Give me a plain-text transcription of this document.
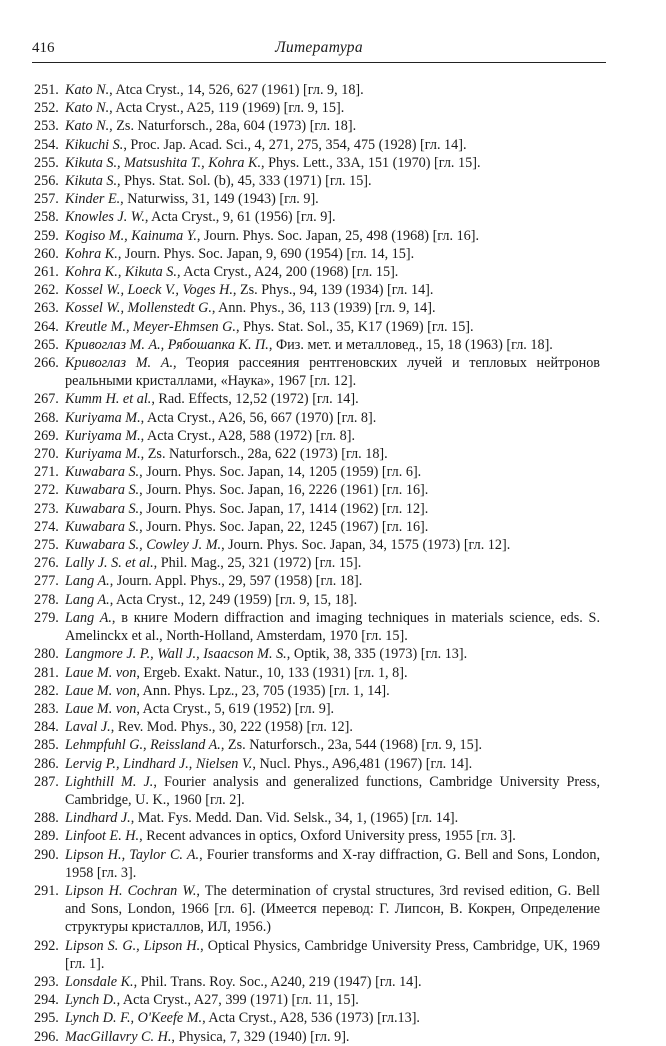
416	Литература
251. Kato N., Atca Cryst., 14, 526, 627 (1961) [гл. 9, 18].
252. Kato N., Acta Cryst., A25, 119 (1969) [гл. 9, 15].
253. Kato N., Zs. Naturforsch., 28a, 604 (1973) [гл. 18].
254. Kikuchi S., Proc. Jap. Acad. Sci., 4, 271, 275, 354, 475 (1928) [гл. 14].
255. Kikuta S., Matsushita T., Kohra K., Phys. Lett., 33A, 151 (1970) [гл. 15].
256. Kikuta S., Phys. Stat. Sol. (b), 45, 333 (1971) [гл. 15].
257. Kinder E., Naturwiss, 31, 149 (1943) [гл. 9].
258. Knowles J. W., Acta Cryst., 9, 61 (1956) [гл. 9].
259. Kogiso M., Kainuma Y., Journ. Phys. Soc. Japan, 25, 498 (1968) [гл. 16].
260. Kohra K., Journ. Phys. Soc. Japan, 9, 690 (1954) [гл. 14, 15].
261. Kohra K., Kikuta S., Acta Cryst., A24, 200 (1968) [гл. 15].
262. Kossel W., Loeck V., Voges H., Zs. Phys., 94, 139 (1934) [гл. 14].
263. Kossel W., Mollenstedt G., Ann. Phys., 36, 113 (1939) [гл. 9, 14].
264. Kreutle M., Meyer-Ehmsen G., Phys. Stat. Sol., 35, K17 (1969) [гл. 15].
265. Кривоглаз М. А., Рябошапка К. П., Физ. мет. и металловед., 15, 18 (1963) [гл. 18].
266. Кривоглаз М. А., Теория рассеяния рентгеновских лучей и тепловых нейтронов реальными кристаллами, «Наука», 1967 [гл. 12].
267. Kumm H. et al., Rad. Effects, 12,52 (1972) [гл. 14].
268. Kuriyama M., Acta Cryst., A26, 56, 667 (1970) [гл. 8].
269. Kuriyama M., Acta Cryst., A28, 588 (1972) [гл. 8].
270. Kuriyama M., Zs. Naturforsch., 28a, 622 (1973) [гл. 18].
271. Kuwabara S., Journ. Phys. Soc. Japan, 14, 1205 (1959) [гл. 6].
272. Kuwabara S., Journ. Phys. Soc. Japan, 16, 2226 (1961) [гл. 16].
273. Kuwabara S., Journ. Phys. Soc. Japan, 17, 1414 (1962) [гл. 12].
274. Kuwabara S., Journ. Phys. Soc. Japan, 22, 1245 (1967) [гл. 16].
275. Kuwabara S., Cowley J. M., Journ. Phys. Soc. Japan, 34, 1575 (1973) [гл. 12].
276. Lally J. S. et al., Phil. Mag., 25, 321 (1972) [гл. 15].
277. Lang A., Journ. Appl. Phys., 29, 597 (1958) [гл. 18].
278. Lang A., Acta Cryst., 12, 249 (1959) [гл. 9, 15, 18].
279. Lang A., в книге Modern diffraction and imaging techniques in materials science, eds. S. Amelinckx et al., North-Holland, Amsterdam, 1970 [гл. 15].
280. Langmore J. P., Wall J., Isaacson M. S., Optik, 38, 335 (1973) [гл. 13].
281. Laue M. von, Ergeb. Exakt. Natur., 10, 133 (1931) [гл. 1, 8].
282. Laue M. von, Ann. Phys. Lpz., 23, 705 (1935) [гл. 1, 14].
283. Laue M. von, Acta Cryst., 5, 619 (1952) [гл. 9].
284. Laval J., Rev. Mod. Phys., 30, 222 (1958) [гл. 12].
285. Lehmpfuhl G., Reissland A., Zs. Naturforsch., 23a, 544 (1968) [гл. 9, 15].
286. Lervig P., Lindhard J., Nielsen V., Nucl. Phys., A96,481 (1967) [гл. 14].
287. Lighthill M. J., Fourier analysis and generalized functions, Cambridge University Press, Cambridge, U. K., 1960 [гл. 2].
288. Lindhard J., Mat. Fys. Medd. Dan. Vid. Selsk., 34, 1, (1965) [гл. 14].
289. Linfoot E. H., Recent advances in optics, Oxford University press, 1955 [гл. 3].
290. Lipson H., Taylor C. A., Fourier transforms and X-ray diffraction, G. Bell and Sons, London, 1958 [гл. 3].
291. Lipson H. Cochran W., The determination of crystal structures, 3rd revised edition, G. Bell and Sons, London, 1966 [гл. 6]. (Имеется перевод: Г. Липсон, В. Кокрен, Определение структуры кристаллов, ИЛ, 1956.)
292. Lipson S. G., Lipson H., Optical Physics, Cambridge University Press, Cambridge, UK, 1969 [гл. 1].
293. Lonsdale K., Phil. Trans. Roy. Soc., A240, 219 (1947) [гл. 14].
294. Lynch D., Acta Cryst., A27, 399 (1971) [гл. 11, 15].
295. Lynch D. F., O'Keefe M., Acta Cryst., A28, 536 (1973) [гл.13].
296. MacGillavry C. H., Physica, 7, 329 (1940) [гл. 9].
